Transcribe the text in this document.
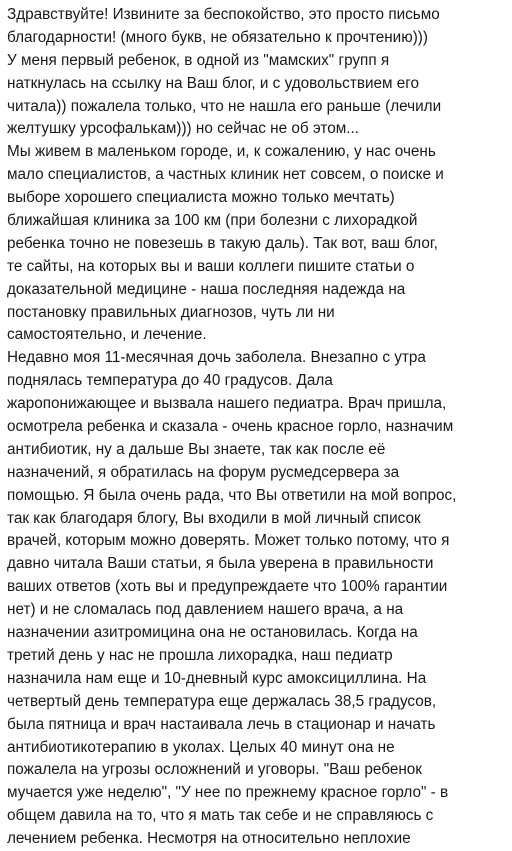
Здравствуйте! Извините за беспокойство, это просто письмо
благодарности! (много букв, не обязательно к прочтению)))
У меня первый ребенок, в одной из "мамских" групп я
наткнулась на ссылку на Ваш блог, и с удовольствием его
читала)) пожалела только, что не нашла его раньше (лечили
желтушку урсофалькам))) но сейчас не об этом...
Мы живем в маленьком городе, и, к сожалению, у нас очень
мало специалистов, а частных клиник нет совсем, о поиске и
выборе хорошего специалиста можно только мечтать)
ближайшая клиника за 100 км (при болезни с лихорадкой
ребенка точно не повезешь в такую даль). Так вот, ваш блог,
те сайты, на которых вы и ваши коллеги пишите статьи о
доказательной медицине - наша последняя надежда на
постановку правильных диагнозов, чуть ли ни
самостоятельно, и лечение.
Недавно моя 11-месячная дочь заболела. Внезапно с утра
поднялась температура до 40 градусов. Дала
жаропонижающее и вызвала нашего педиатра. Врач пришла,
осмотрела ребенка и сказала - очень красное горло, назначим
антибиотик, ну а дальше Вы знаете, так как после её
назначений, я обратилась на форум русмедсервера за
помощью. Я была очень рада, что Вы ответили на мой вопрос,
так как благодаря блогу, Вы входили в мой личный список
врачей, которым можно доверять. Может только потому, что я
давно читала Ваши статьи, я была уверена в правильности
ваших ответов (хоть вы и предупреждаете что 100% гарантии
нет) и не сломалась под давлением нашего врача, а на
назначении азитромицина она не остановилась. Когда на
третий день у нас не прошла лихорадка, наш педиатр
назначила нам еще и 10-дневный курс амоксициллина. На
четвертый день температура еще держалась 38,5 градусов,
была пятница и врач настаивала лечь в стационар и начать
антибиотикотерапию в уколах. Целых 40 минут она не
пожалела на угрозы осложнений и уговоры. "Ваш ребенок
мучается уже неделю", "У нее по прежнему красное горло" - в
общем давила на то, что я мать так себе и не справляюсь с
лечением ребенка. Несмотря на относительно неплохие
